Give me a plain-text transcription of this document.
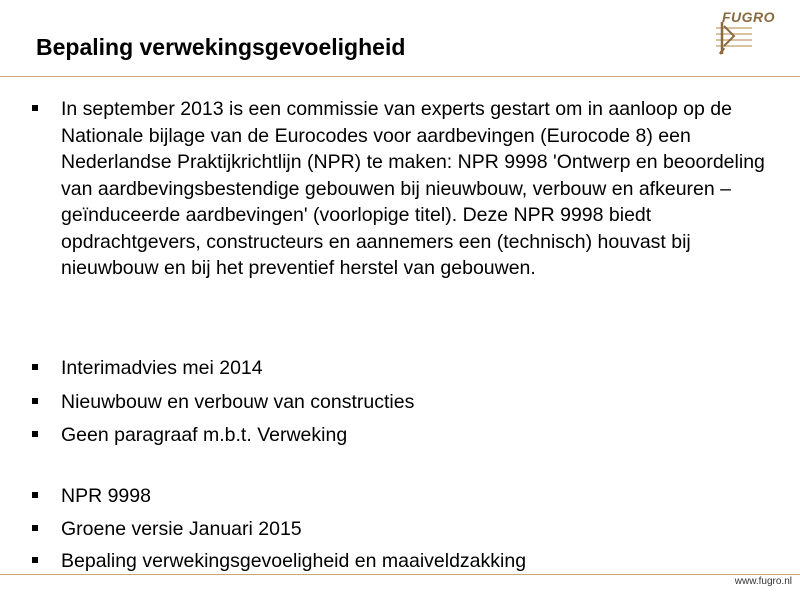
Bepaling verwekingsgevoeligheid
FUGRO
In september 2013 is een commissie van experts gestart om in aanloop op de Nationale bijlage van de Eurocodes voor aardbevingen (Eurocode 8) een Nederlandse Praktijkrichtlijn (NPR) te maken: NPR 9998 'Ontwerp en beoordeling van aardbevingsbestendige gebouwen bij nieuwbouw, verbouw en afkeuren – geïnduceerde aardbevingen' (voorlopige titel). Deze NPR 9998 biedt opdrachtgevers, constructeurs en aannemers een (technisch) houvast bij nieuwbouw en bij het preventief herstel van gebouwen.
Interimadvies mei 2014
Nieuwbouw en verbouw van constructies
Geen paragraaf m.b.t. Verweking
NPR 9998
Groene versie Januari 2015
Bepaling verwekingsgevoeligheid en maaiveldzakking
www.fugro.nl
